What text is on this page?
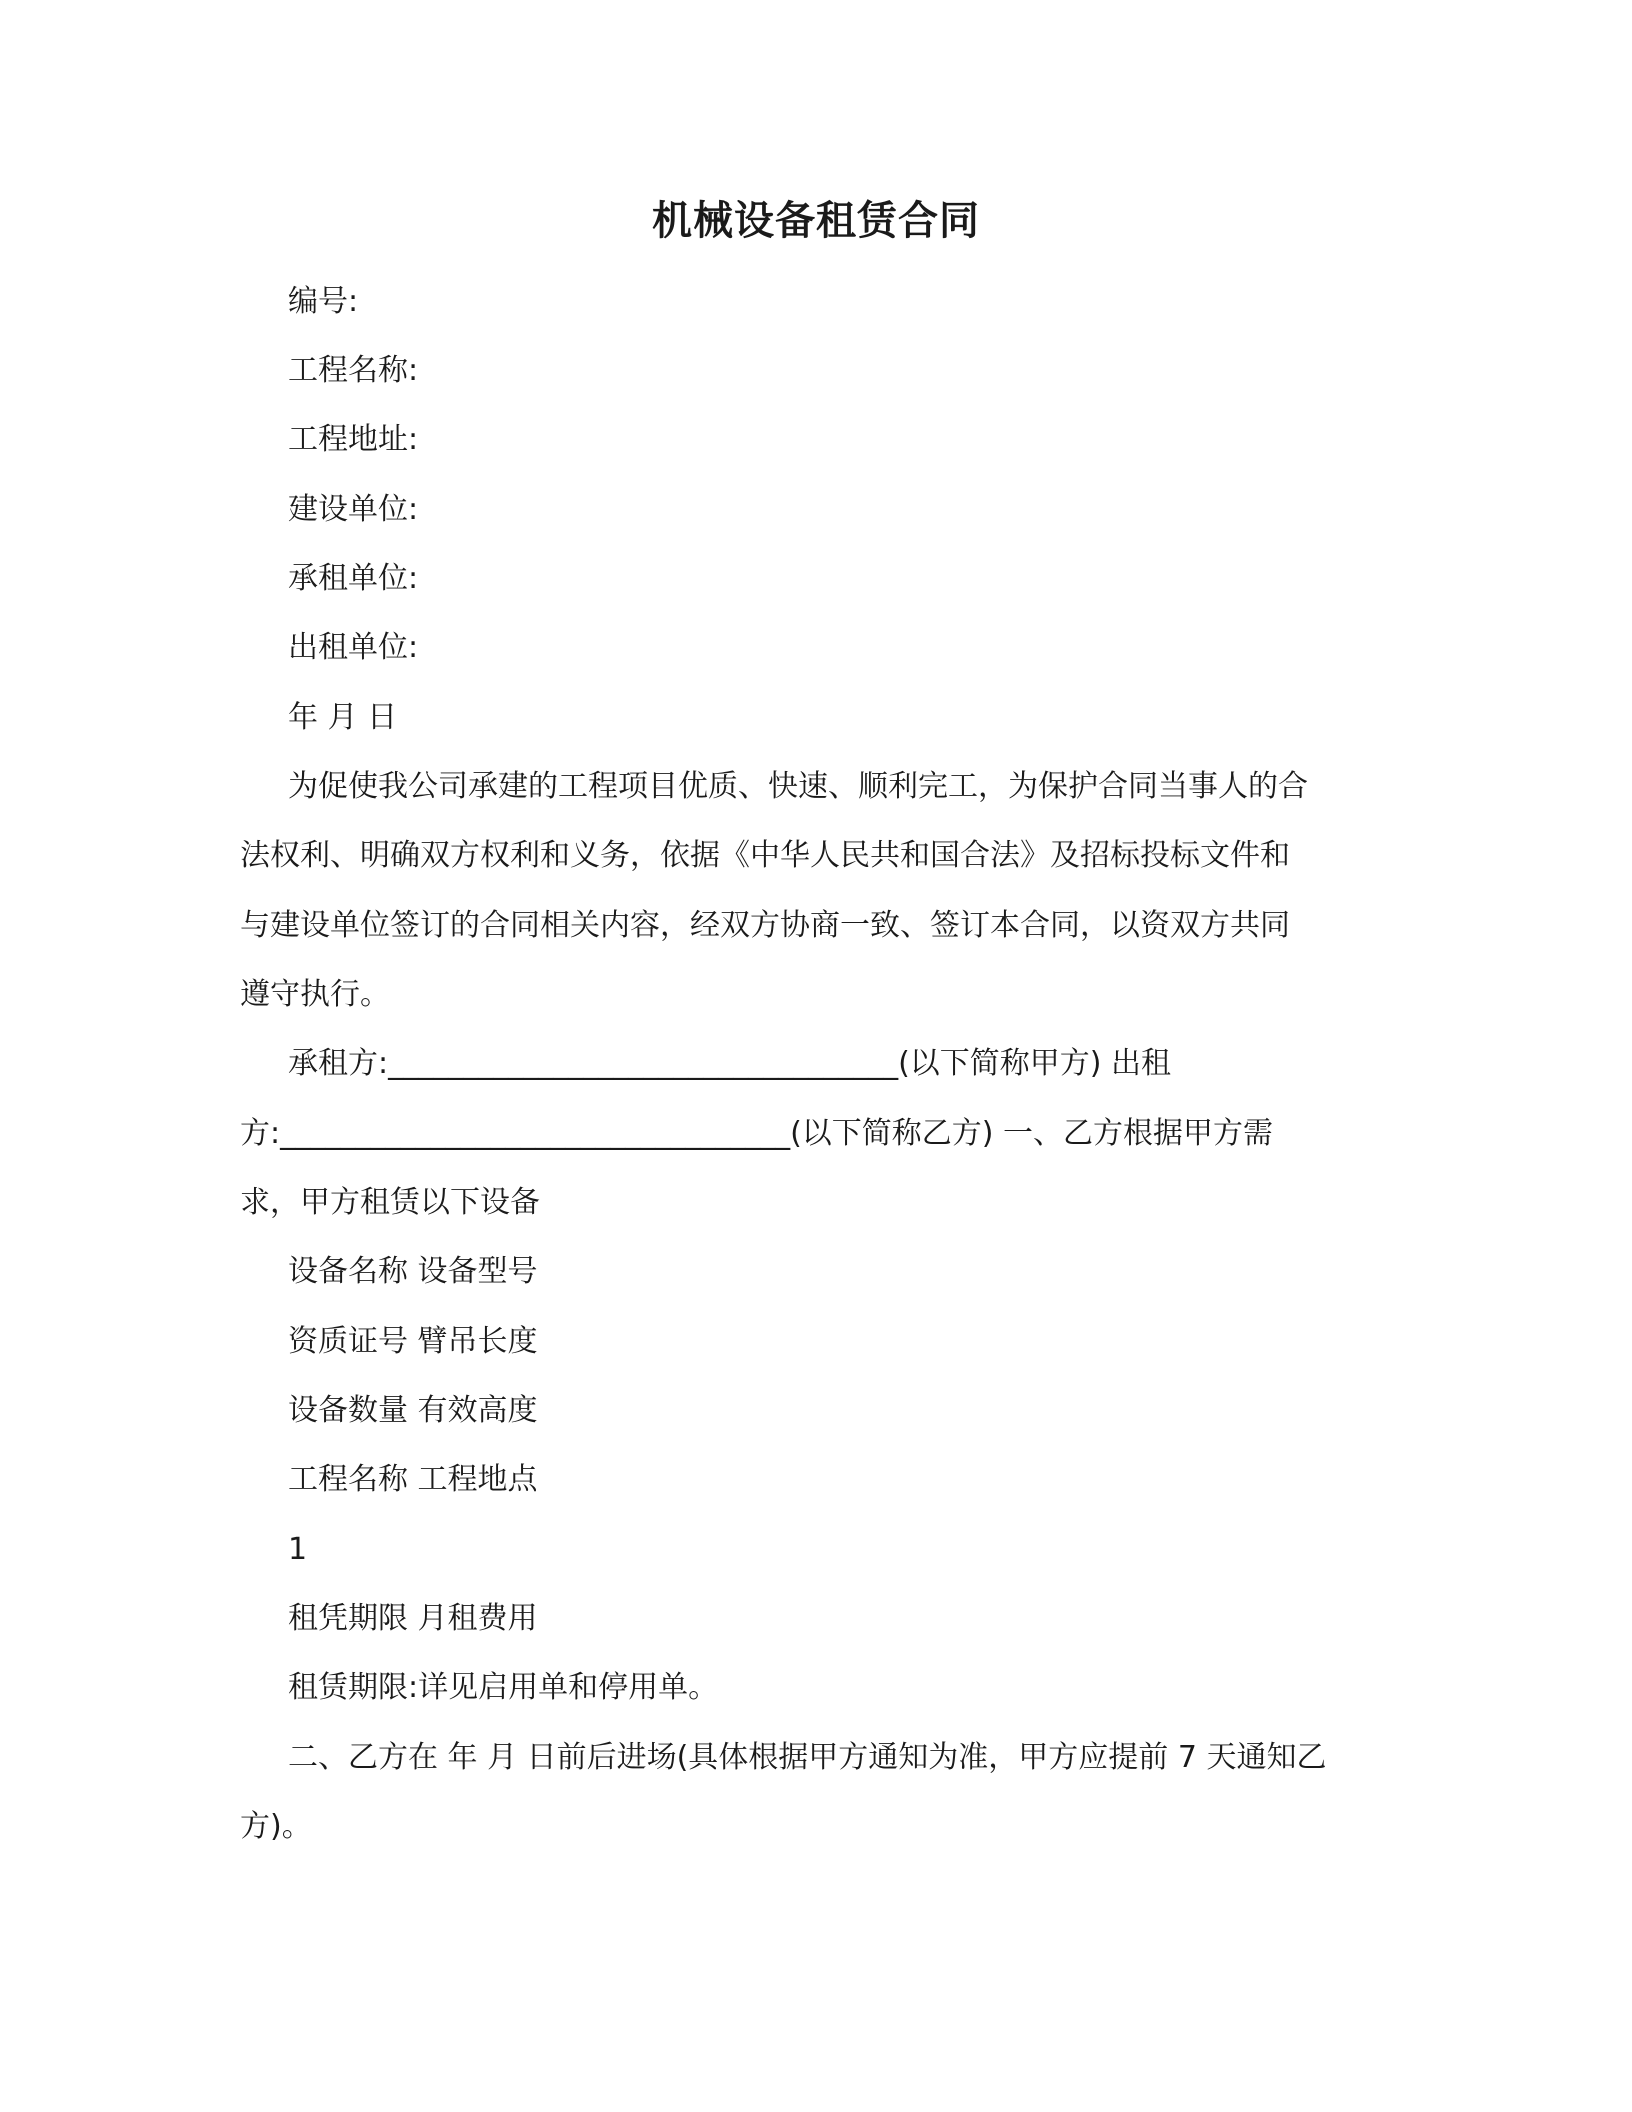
机械设备租赁合同
编号:
工程名称:
工程地址:
建设单位:
承租单位:
出租单位:
年 月 日
为促使我公司承建的工程项目优质、快速、顺利完工，为保护合同当事人的合
法权利、明确双方权利和义务，依据《中华人民共和国合法》及招标投标文件和
与建设单位签订的合同相关内容，经双方协商一致、签订本合同，以资双方共同
遵守执行。
承租方:__________________________________(以下简称甲方) 出租
方:__________________________________(以下简称乙方) 一、乙方根据甲方需
求，甲方租赁以下设备
设备名称 设备型号
资质证号 臂吊长度
设备数量 有效高度
工程名称 工程地点
1
租凭期限 月租费用
租赁期限:详见启用单和停用单。
二、乙方在 年 月 日前后进场(具体根据甲方通知为准，甲方应提前 7 天通知乙
方)。
